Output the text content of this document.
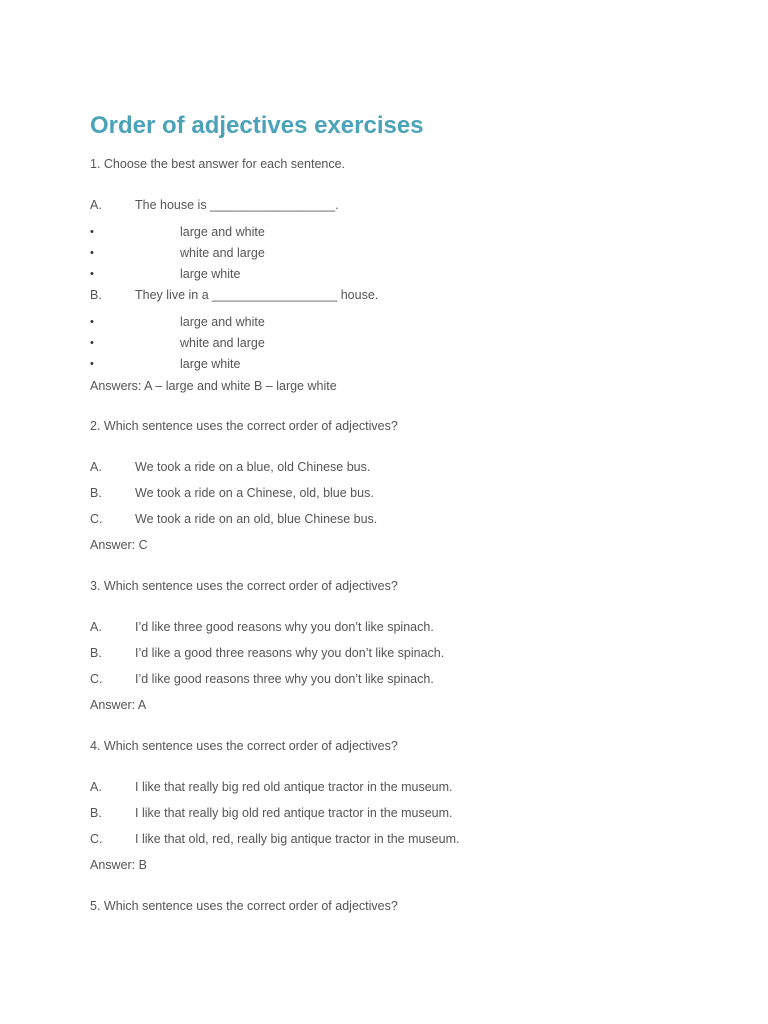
Order of adjectives exercises
1. Choose the best answer for each sentence.
A.	The house is __________________.
•	large and white
•	white and large
•	large white
B.	They live in a __________________ house.
•	large and white
•	white and large
•	large white
Answers: A – large and white B – large white
2. Which sentence uses the correct order of adjectives?
A.	We took a ride on a blue, old Chinese bus.
B.	We took a ride on a Chinese, old, blue bus.
C.	We took a ride on an old, blue Chinese bus.
Answer: C
3. Which sentence uses the correct order of adjectives?
A.	I’d like three good reasons why you don’t like spinach.
B.	I’d like a good three reasons why you don’t like spinach.
C.	I’d like good reasons three why you don’t like spinach.
Answer: A
4. Which sentence uses the correct order of adjectives?
A.	I like that really big red old antique tractor in the museum.
B.	I like that really big old red antique tractor in the museum.
C.	I like that old, red, really big antique tractor in the museum.
Answer: B
5. Which sentence uses the correct order of adjectives?
